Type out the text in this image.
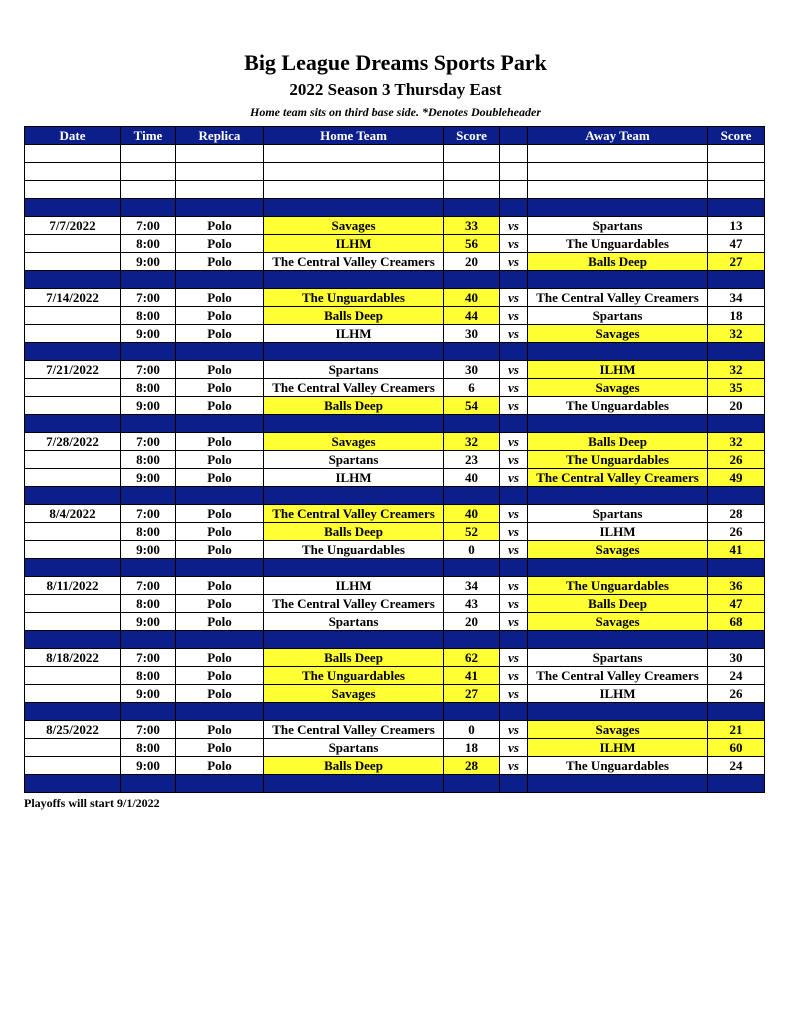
Big League Dreams Sports Park
2022 Season 3 Thursday East
Home team sits on third base side. *Denotes Doubleheader
Date	Time	Replica	Home Team	Score		Away Team	Score

7/7/2022	7:00	Polo	Savages	33	vs	Spartans	13
	8:00	Polo	ILHM	56	vs	The Unguardables	47
	9:00	Polo	The Central Valley Creamers	20	vs	Balls Deep	27

7/14/2022	7:00	Polo	The Unguardables	40	vs	The Central Valley Creamers	34
	8:00	Polo	Balls Deep	44	vs	Spartans	18
	9:00	Polo	ILHM	30	vs	Savages	32

7/21/2022	7:00	Polo	Spartans	30	vs	ILHM	32
	8:00	Polo	The Central Valley Creamers	6	vs	Savages	35
	9:00	Polo	Balls Deep	54	vs	The Unguardables	20

7/28/2022	7:00	Polo	Savages	32	vs	Balls Deep	32
	8:00	Polo	Spartans	23	vs	The Unguardables	26
	9:00	Polo	ILHM	40	vs	The Central Valley Creamers	49

8/4/2022	7:00	Polo	The Central Valley Creamers	40	vs	Spartans	28
	8:00	Polo	Balls Deep	52	vs	ILHM	26
	9:00	Polo	The Unguardables	0	vs	Savages	41

8/11/2022	7:00	Polo	ILHM	34	vs	The Unguardables	36
	8:00	Polo	The Central Valley Creamers	43	vs	Balls Deep	47
	9:00	Polo	Spartans	20	vs	Savages	68

8/18/2022	7:00	Polo	Balls Deep	62	vs	Spartans	30
	8:00	Polo	The Unguardables	41	vs	The Central Valley Creamers	24
	9:00	Polo	Savages	27	vs	ILHM	26

8/25/2022	7:00	Polo	The Central Valley Creamers	0	vs	Savages	21
	8:00	Polo	Spartans	18	vs	ILHM	60
	9:00	Polo	Balls Deep	28	vs	The Unguardables	24

Playoffs will start 9/1/2022
